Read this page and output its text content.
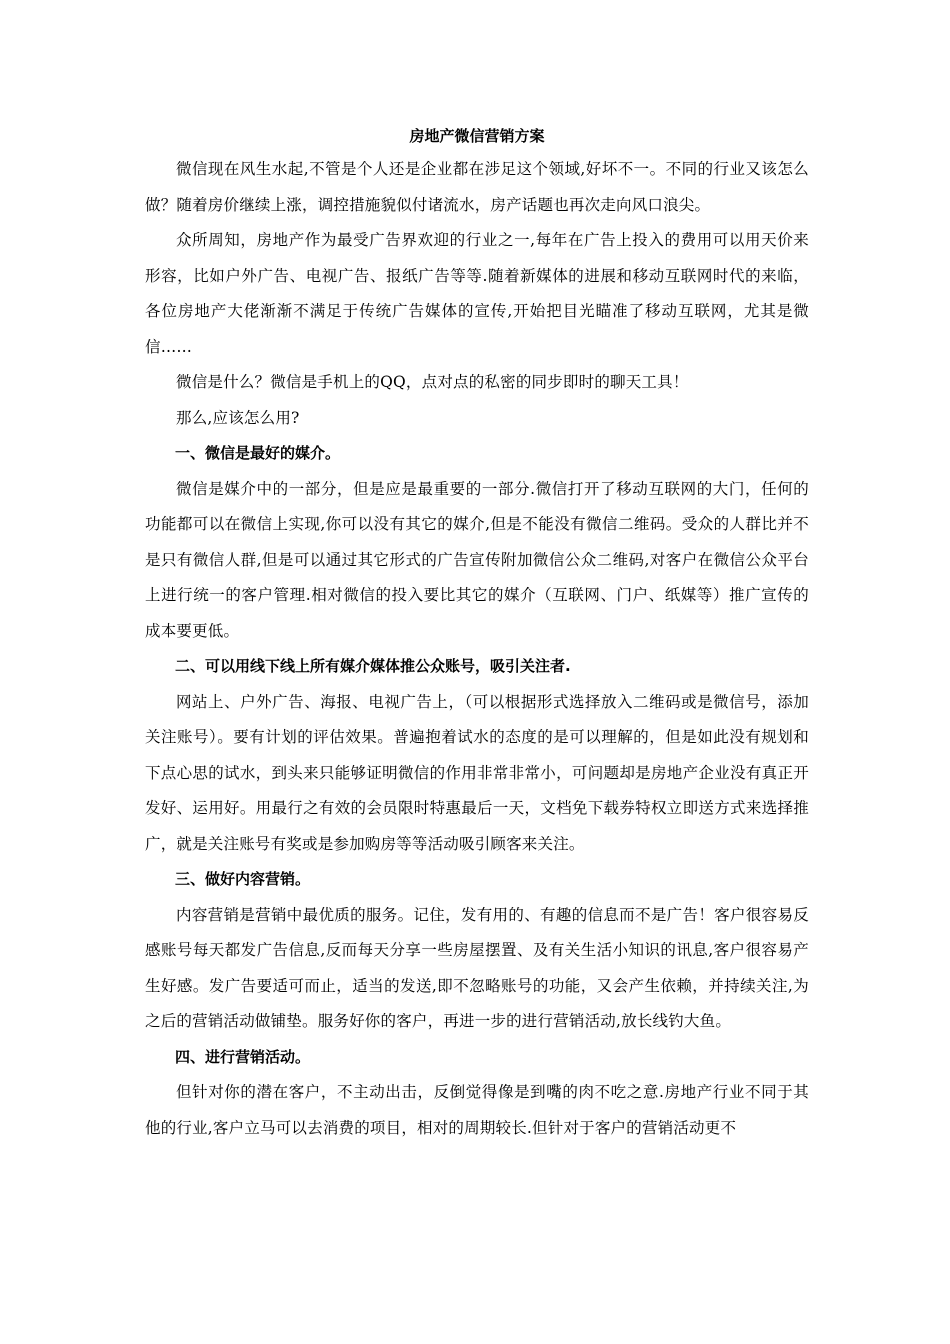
房地产微信营销方案

微信现在风生水起,不管是个人还是企业都在涉足这个领域,好坏不一。不同的行业又该怎么做？随着房价继续上涨，调控措施貌似付诸流水，房产话题也再次走向风口浪尖。

众所周知，房地产作为最受广告界欢迎的行业之一,每年在广告上投入的费用可以用天价来形容，比如户外广告、电视广告、报纸广告等等.随着新媒体的进展和移动互联网时代的来临，各位房地产大佬渐渐不满足于传统广告媒体的宣传,开始把目光瞄准了移动互联网，尤其是微信……

微信是什么？微信是手机上的QQ，点对点的私密的同步即时的聊天工具！

那么,应该怎么用?

一、微信是最好的媒介。

微信是媒介中的一部分，但是应是最重要的一部分.微信打开了移动互联网的大门，任何的功能都可以在微信上实现,你可以没有其它的媒介,但是不能没有微信二维码。受众的人群比并不是只有微信人群,但是可以通过其它形式的广告宣传附加微信公众二维码,对客户在微信公众平台上进行统一的客户管理.相对微信的投入要比其它的媒介（互联网、门户、纸媒等）推广宣传的成本要更低。

二、可以用线下线上所有媒介媒体推公众账号，吸引关注者.

网站上、户外广告、海报、电视广告上，（可以根据形式选择放入二维码或是微信号，添加关注账号）。要有计划的评估效果。普遍抱着试水的态度的是可以理解的，但是如此没有规划和下点心思的试水，到头来只能够证明微信的作用非常非常小，可问题却是房地产企业没有真正开发好、运用好。用最行之有效的会员限时特惠最后一天，文档免下载券特权立即送方式来选择推广，就是关注账号有奖或是参加购房等等活动吸引顾客来关注。

三、做好内容营销。

内容营销是营销中最优质的服务。记住，发有用的、有趣的信息而不是广告！客户很容易反感账号每天都发广告信息,反而每天分享一些房屋摆置、及有关生活小知识的讯息,客户很容易产生好感。发广告要适可而止，适当的发送,即不忽略账号的功能，又会产生依赖，并持续关注,为之后的营销活动做铺垫。服务好你的客户，再进一步的进行营销活动,放长线钓大鱼。

四、进行营销活动。

但针对你的潜在客户，不主动出击，反倒觉得像是到嘴的肉不吃之意.房地产行业不同于其他的行业,客户立马可以去消费的项目，相对的周期较长.但针对于客户的营销活动更不
